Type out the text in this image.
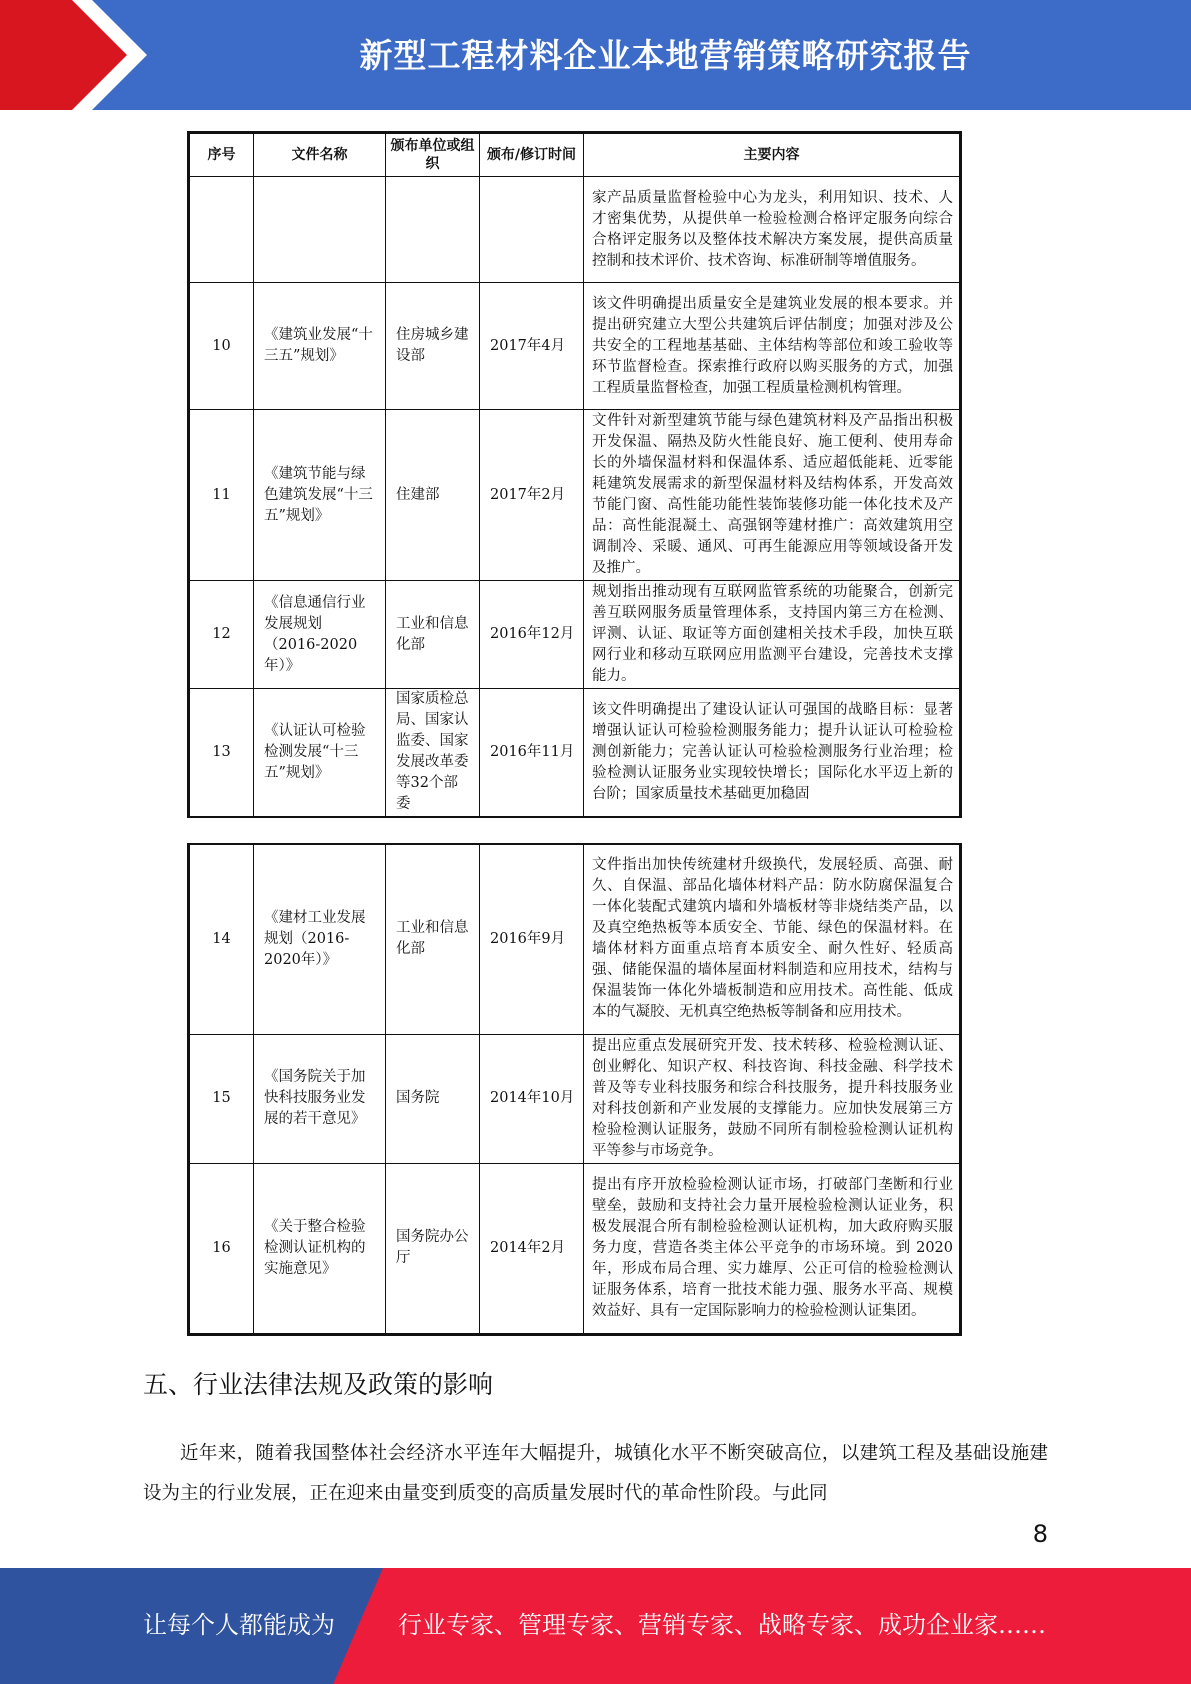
新型工程材料企业本地营销策略研究报告
序号	文件名称	颁布单位或组织	颁布/修订时间	主要内容
				家产品质量监督检验中心为龙头，利用知识、技术、人才密集优势，从提供单一检验检测合格评定服务向综合合格评定服务以及整体技术解决方案发展，提供高质量控制和技术评价、技术咨询、标准研制等增值服务。
10	《建筑业发展“十三五”规划》	住房城乡建设部	2017年4月	该文件明确提出质量安全是建筑业发展的根本要求。并提出研究建立大型公共建筑后评估制度；加强对涉及公共安全的工程地基基础、主体结构等部位和竣工验收等环节监督检查。探索推行政府以购买服务的方式，加强工程质量监督检查，加强工程质量检测机构管理。
11	《建筑节能与绿色建筑发展“十三五”规划》	住建部	2017年2月	文件针对新型建筑节能与绿色建筑材料及产品指出积极开发保温、隔热及防火性能良好、施工便利、使用寿命长的外墙保温材料和保温体系、适应超低能耗、近零能耗建筑发展需求的新型保温材料及结构体系，开发高效节能门窗、高性能功能性装饰装修功能一体化技术及产品：高性能混凝土、高强钢等建材推广：高效建筑用空调制冷、采暖、通风、可再生能源应用等领域设备开发及推广。
12	《信息通信行业发展规划（2016-2020年）》	工业和信息化部	2016年12月	规划指出推动现有互联网监管系统的功能聚合，创新完善互联网服务质量管理体系，支持国内第三方在检测、评测、认证、取证等方面创建相关技术手段，加快互联网行业和移动互联网应用监测平台建设，完善技术支撑能力。
13	《认证认可检验检测发展“十三五”规划》	国家质检总局、国家认监委、国家发展改革委等32个部委	2016年11月	该文件明确提出了建设认证认可强国的战略目标：显著增强认证认可检验检测服务能力；提升认证认可检验检测创新能力；完善认证认可检验检测服务行业治理；检验检测认证服务业实现较快增长；国际化水平迈上新的台阶；国家质量技术基础更加稳固
14	《建材工业发展规划（2016-2020年）》	工业和信息化部	2016年9月	文件指出加快传统建材升级换代，发展轻质、高强、耐久、自保温、部品化墙体材料产品：防水防腐保温复合一体化装配式建筑内墙和外墙板材等非烧结类产品，以及真空绝热板等本质安全、节能、绿色的保温材料。在墙体材料方面重点培育本质安全、耐久性好、轻质高强、储能保温的墙体屋面材料制造和应用技术，结构与保温装饰一体化外墙板制造和应用技术。高性能、低成本的气凝胶、无机真空绝热板等制备和应用技术。
15	《国务院关于加快科技服务业发展的若干意见》	国务院	2014年10月	提出应重点发展研究开发、技术转移、检验检测认证、创业孵化、知识产权、科技咨询、科技金融、科学技术普及等专业科技服务和综合科技服务，提升科技服务业对科技创新和产业发展的支撑能力。应加快发展第三方检验检测认证服务，鼓励不同所有制检验检测认证机构平等参与市场竞争。
16	《关于整合检验检测认证机构的实施意见》	国务院办公厅	2014年2月	提出有序开放检验检测认证市场，打破部门垄断和行业壁垒，鼓励和支持社会力量开展检验检测认证业务，积极发展混合所有制检验检测认证机构，加大政府购买服务力度，营造各类主体公平竞争的市场环境。到 2020 年，形成布局合理、实力雄厚、公正可信的检验检测认证服务体系，培育一批技术能力强、服务水平高、规模效益好、具有一定国际影响力的检验检测认证集团。
五、行业法律法规及政策的影响

近年来，随着我国整体社会经济水平连年大幅提升，城镇化水平不断突破高位，以建筑工程及基础设施建设为主的行业发展，正在迎来由量变到质变的高质量发展时代的革命性阶段。与此同

8
让每个人都能成为	行业专家、管理专家、营销专家、战略专家、成功企业家……
